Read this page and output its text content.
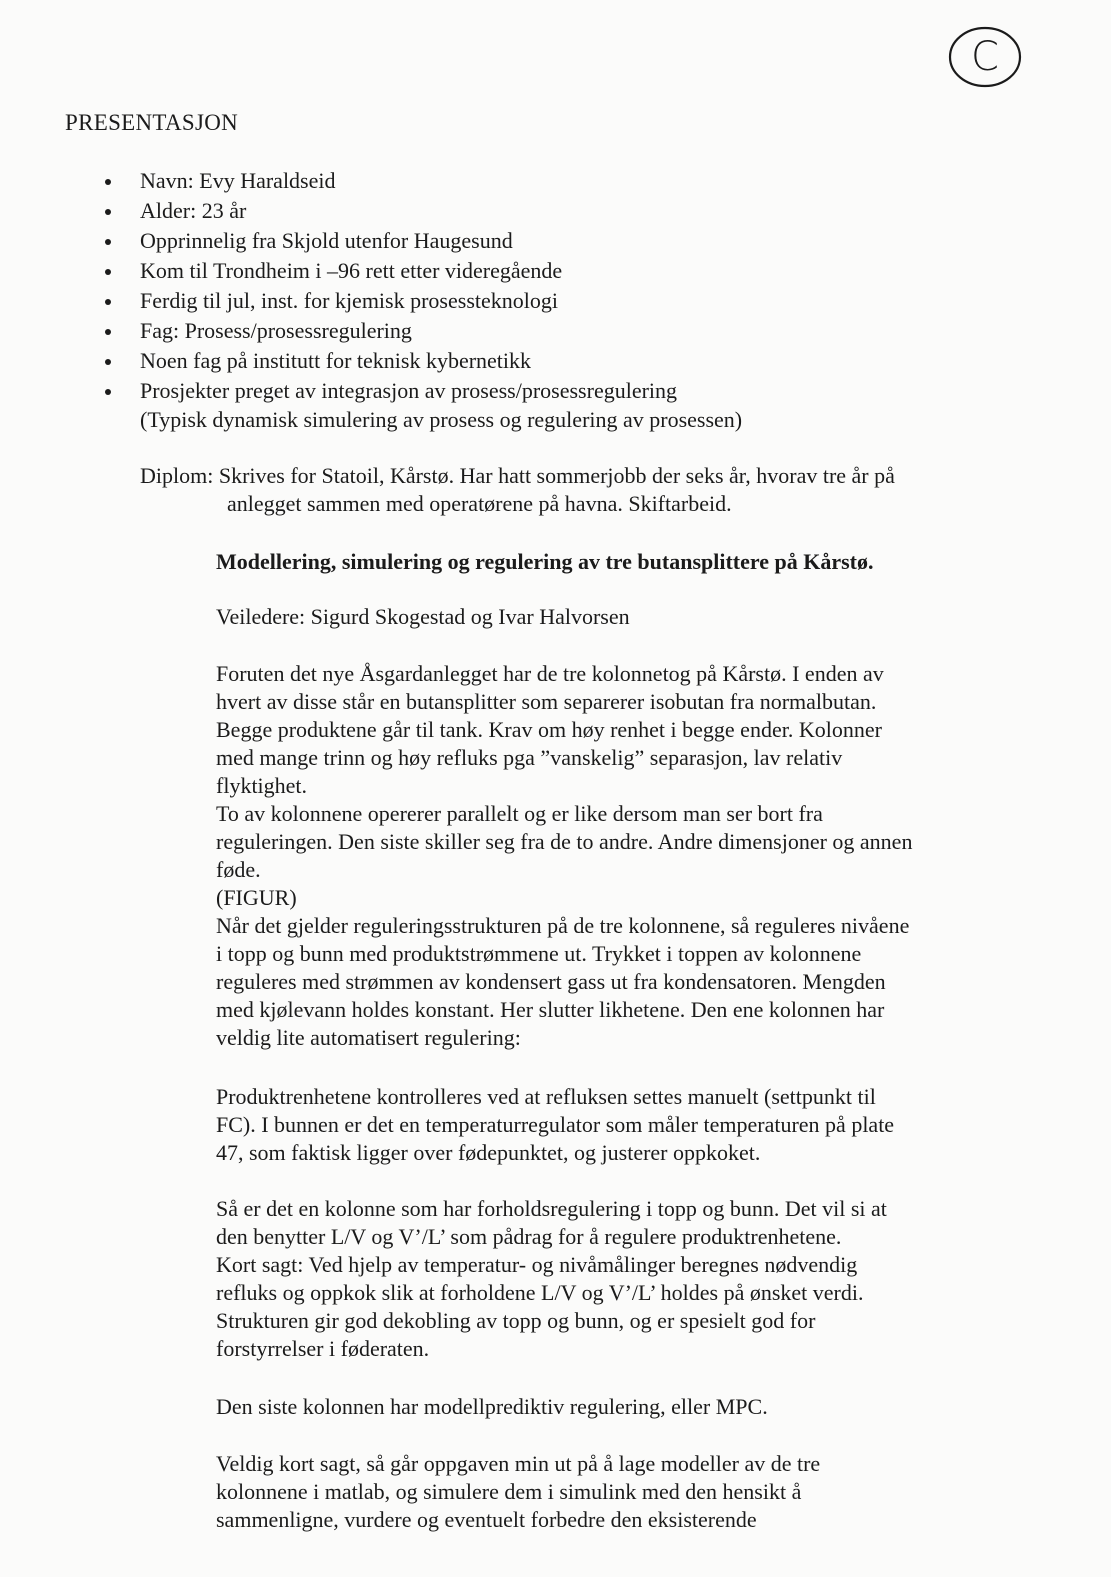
C
PRESENTASJON
Navn: Evy Haraldseid
Alder: 23 år
Opprinnelig fra Skjold utenfor Haugesund
Kom til Trondheim i –96 rett etter videregående
Ferdig til jul, inst. for kjemisk prosessteknologi
Fag: Prosess/prosessregulering
Noen fag på institutt for teknisk kybernetikk
Prosjekter preget av integrasjon av prosess/prosessregulering
(Typisk dynamisk simulering av prosess og regulering av prosessen)
Diplom: Skrives for Statoil, Kårstø. Har hatt sommerjobb der seks år, hvorav tre år på
anlegget sammen med operatørene på havna. Skiftarbeid.
Modellering, simulering og regulering av tre butansplittere på Kårstø.
Veiledere: Sigurd Skogestad og Ivar Halvorsen

Foruten det nye Åsgardanlegget har de tre kolonnetog på Kårstø. I enden av

hvert av disse står en butansplitter som separerer isobutan fra normalbutan.

Begge produktene går til tank. Krav om høy renhet i begge ender. Kolonner

med mange trinn og høy refluks pga ”vanskelig” separasjon, lav relativ

flyktighet.

To av kolonnene opererer parallelt og er like dersom man ser bort fra

reguleringen. Den siste skiller seg fra de to andre. Andre dimensjoner og annen

føde.

(FIGUR)

Når det gjelder reguleringsstrukturen på de tre kolonnene, så reguleres nivåene

i topp og bunn med produktstrømmene ut. Trykket i toppen av kolonnene

reguleres med strømmen av kondensert gass ut fra kondensatoren. Mengden

med kjølevann holdes konstant. Her slutter likhetene. Den ene kolonnen har

veldig lite automatisert regulering:

Produktrenhetene kontrolleres ved at refluksen settes manuelt (settpunkt til

FC). I bunnen er det en temperaturregulator som måler temperaturen på plate

47, som faktisk ligger over fødepunktet, og justerer oppkoket.

Så er det en kolonne som har forholdsregulering i topp og bunn. Det vil si at

den benytter L/V og V’/L’ som pådrag for å regulere produktrenhetene.

Kort sagt: Ved hjelp av temperatur- og nivåmålinger beregnes nødvendig

refluks og oppkok slik at forholdene L/V og V’/L’ holdes på ønsket verdi.

Strukturen gir god dekobling av topp og bunn, og er spesielt god for

forstyrrelser i føderaten.

Den siste kolonnen har modellprediktiv regulering, eller MPC.

Veldig kort sagt, så går oppgaven min ut på å lage modeller av de tre

kolonnene i matlab, og simulere dem i simulink med den hensikt å

sammenligne, vurdere og eventuelt forbedre den eksisterende
